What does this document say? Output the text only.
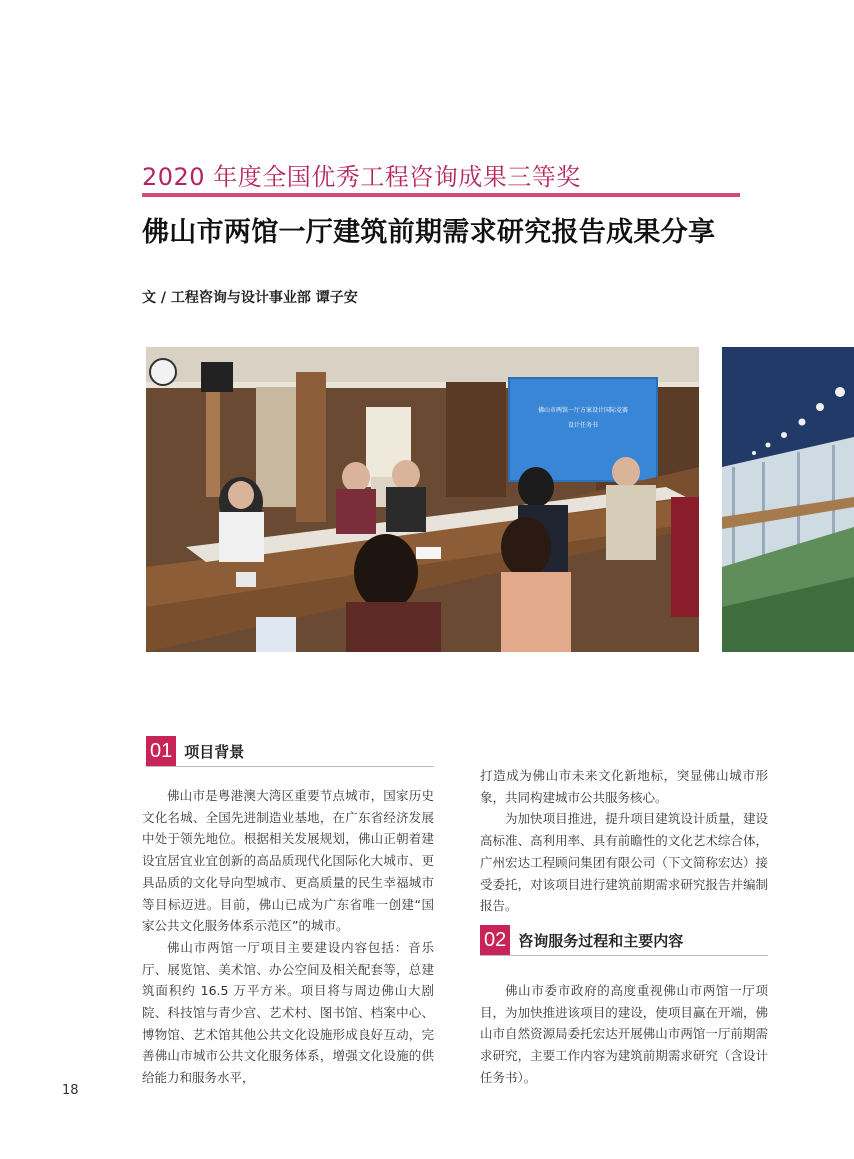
2020 年度全国优秀工程咨询成果三等奖
佛山市两馆一厅建筑前期需求研究报告成果分享
文 / 工程咨询与设计事业部 谭子安
佛山市两馆一厅方案设计国际竞赛
设计任务书
01 项目背景

佛山市是粤港澳大湾区重要节点城市，国家历史文化名城、全国先进制造业基地，在广东省经济发展中处于领先地位。根据相关发展规划，佛山正朝着建设宜居宜业宜创新的高品质现代化国际化大城市、更具品质的文化导向型城市、更高质量的民生幸福城市等目标迈进。目前，佛山已成为广东省唯一创建“国家公共文化服务体系示范区”的城市。

佛山市两馆一厅项目主要建设内容包括：音乐厅、展览馆、美术馆、办公空间及相关配套等，总建筑面积约 16.5 万平方米。项目将与周边佛山大剧院、科技馆与青少宫、艺术村、图书馆、档案中心、博物馆、艺术馆其他公共文化设施形成良好互动，完善佛山市城市公共文化服务体系，增强文化设施的供给能力和服务水平，

打造成为佛山市未来文化新地标，突显佛山城市形象，共同构建城市公共服务核心。

为加快项目推进，提升项目建筑设计质量，建设高标准、高利用率、具有前瞻性的文化艺术综合体，广州宏达工程顾问集团有限公司（下文简称宏达）接受委托，对该项目进行建筑前期需求研究报告并编制报告。

02 咨询服务过程和主要内容

佛山市委市政府的高度重视佛山市两馆一厅项目，为加快推进该项目的建设，使项目赢在开端，佛山市自然资源局委托宏达开展佛山市两馆一厅前期需求研究，主要工作内容为建筑前期需求研究（含设计任务书）。

18
